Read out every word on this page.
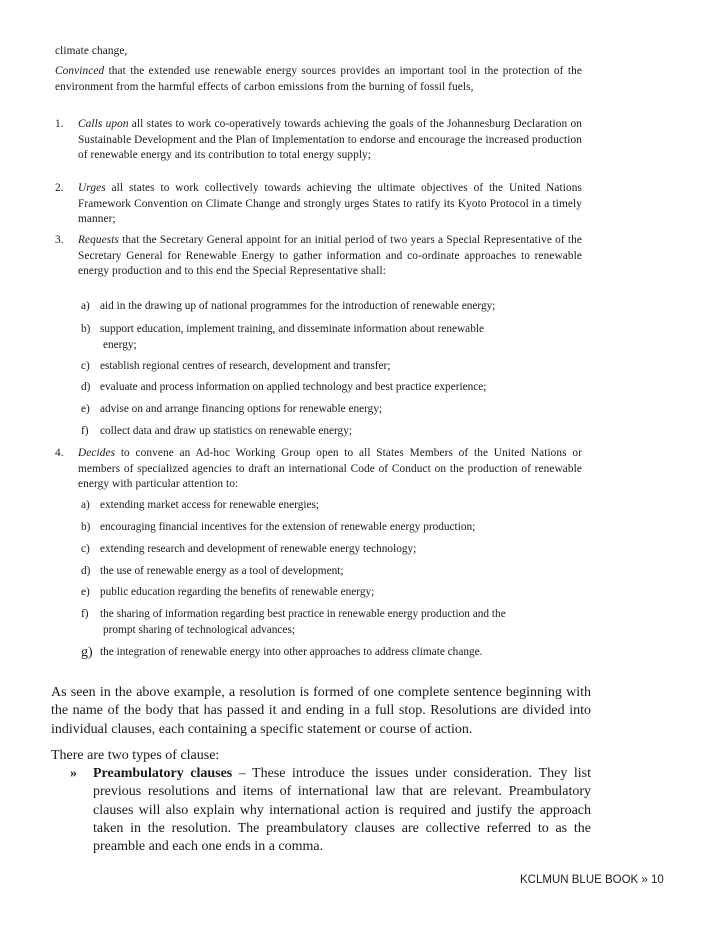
climate change,
Convinced that the extended use renewable energy sources provides an important tool in the protection of the environment from the harmful effects of carbon emissions from the burning of fossil fuels,
1.	Calls upon all states to work co-operatively towards achieving the goals of the Johannesburg Declaration on Sustainable Development and the Plan of Implementation to endorse and encourage the increased production of renewable energy and its contribution to total energy supply;
2.	Urges all states to work collectively towards achieving the ultimate objectives of the United Nations Framework Convention on Climate Change and strongly urges States to ratify its Kyoto Protocol in a timely manner;
3.	Requests that the Secretary General appoint for an initial period of two years a Special Representative of the Secretary General for Renewable Energy to gather information and co-ordinate approaches to renewable energy production and to this end the Special Representative shall:
a) aid in the drawing up of national programmes for the introduction of renewable energy;
b) support education, implement training, and disseminate information about renewable
energy;
c) establish regional centres of research, development and transfer;
d) evaluate and process information on applied technology and best practice experience;
e) advise on and arrange financing options for renewable energy;
f)	collect data and draw up statistics on renewable energy;
4.	Decides to convene an Ad-hoc Working Group open to all States Members of the United Nations or members of specialized agencies to draft an international Code of Conduct on the production of renewable energy with particular attention to:
a) extending market access for renewable energies;
b) encouraging financial incentives for the extension of renewable energy production;
c) extending research and development of renewable energy technology;
d) the use of renewable energy as a tool of development;
e) public education regarding the benefits of renewable energy;
f)	the sharing of information regarding best practice in renewable energy production and the
prompt sharing of technological advances;
g) the integration of renewable energy into other approaches to address climate change.
As seen in the above example, a resolution is formed of one complete sentence beginning with the name of the body that has passed it and ending in a full stop. Resolutions are divided into individual clauses, each containing a specific statement or course of action.
There are two types of clause:
»	Preambulatory clauses – These introduce the issues under consideration. They list previous resolutions and items of international law that are relevant. Preambulatory clauses will also explain why international action is required and justify the approach taken in the resolution. The preambulatory clauses are collective referred to as the preamble and each one ends in a comma.
KCLMUN BLUE BOOK » 10
